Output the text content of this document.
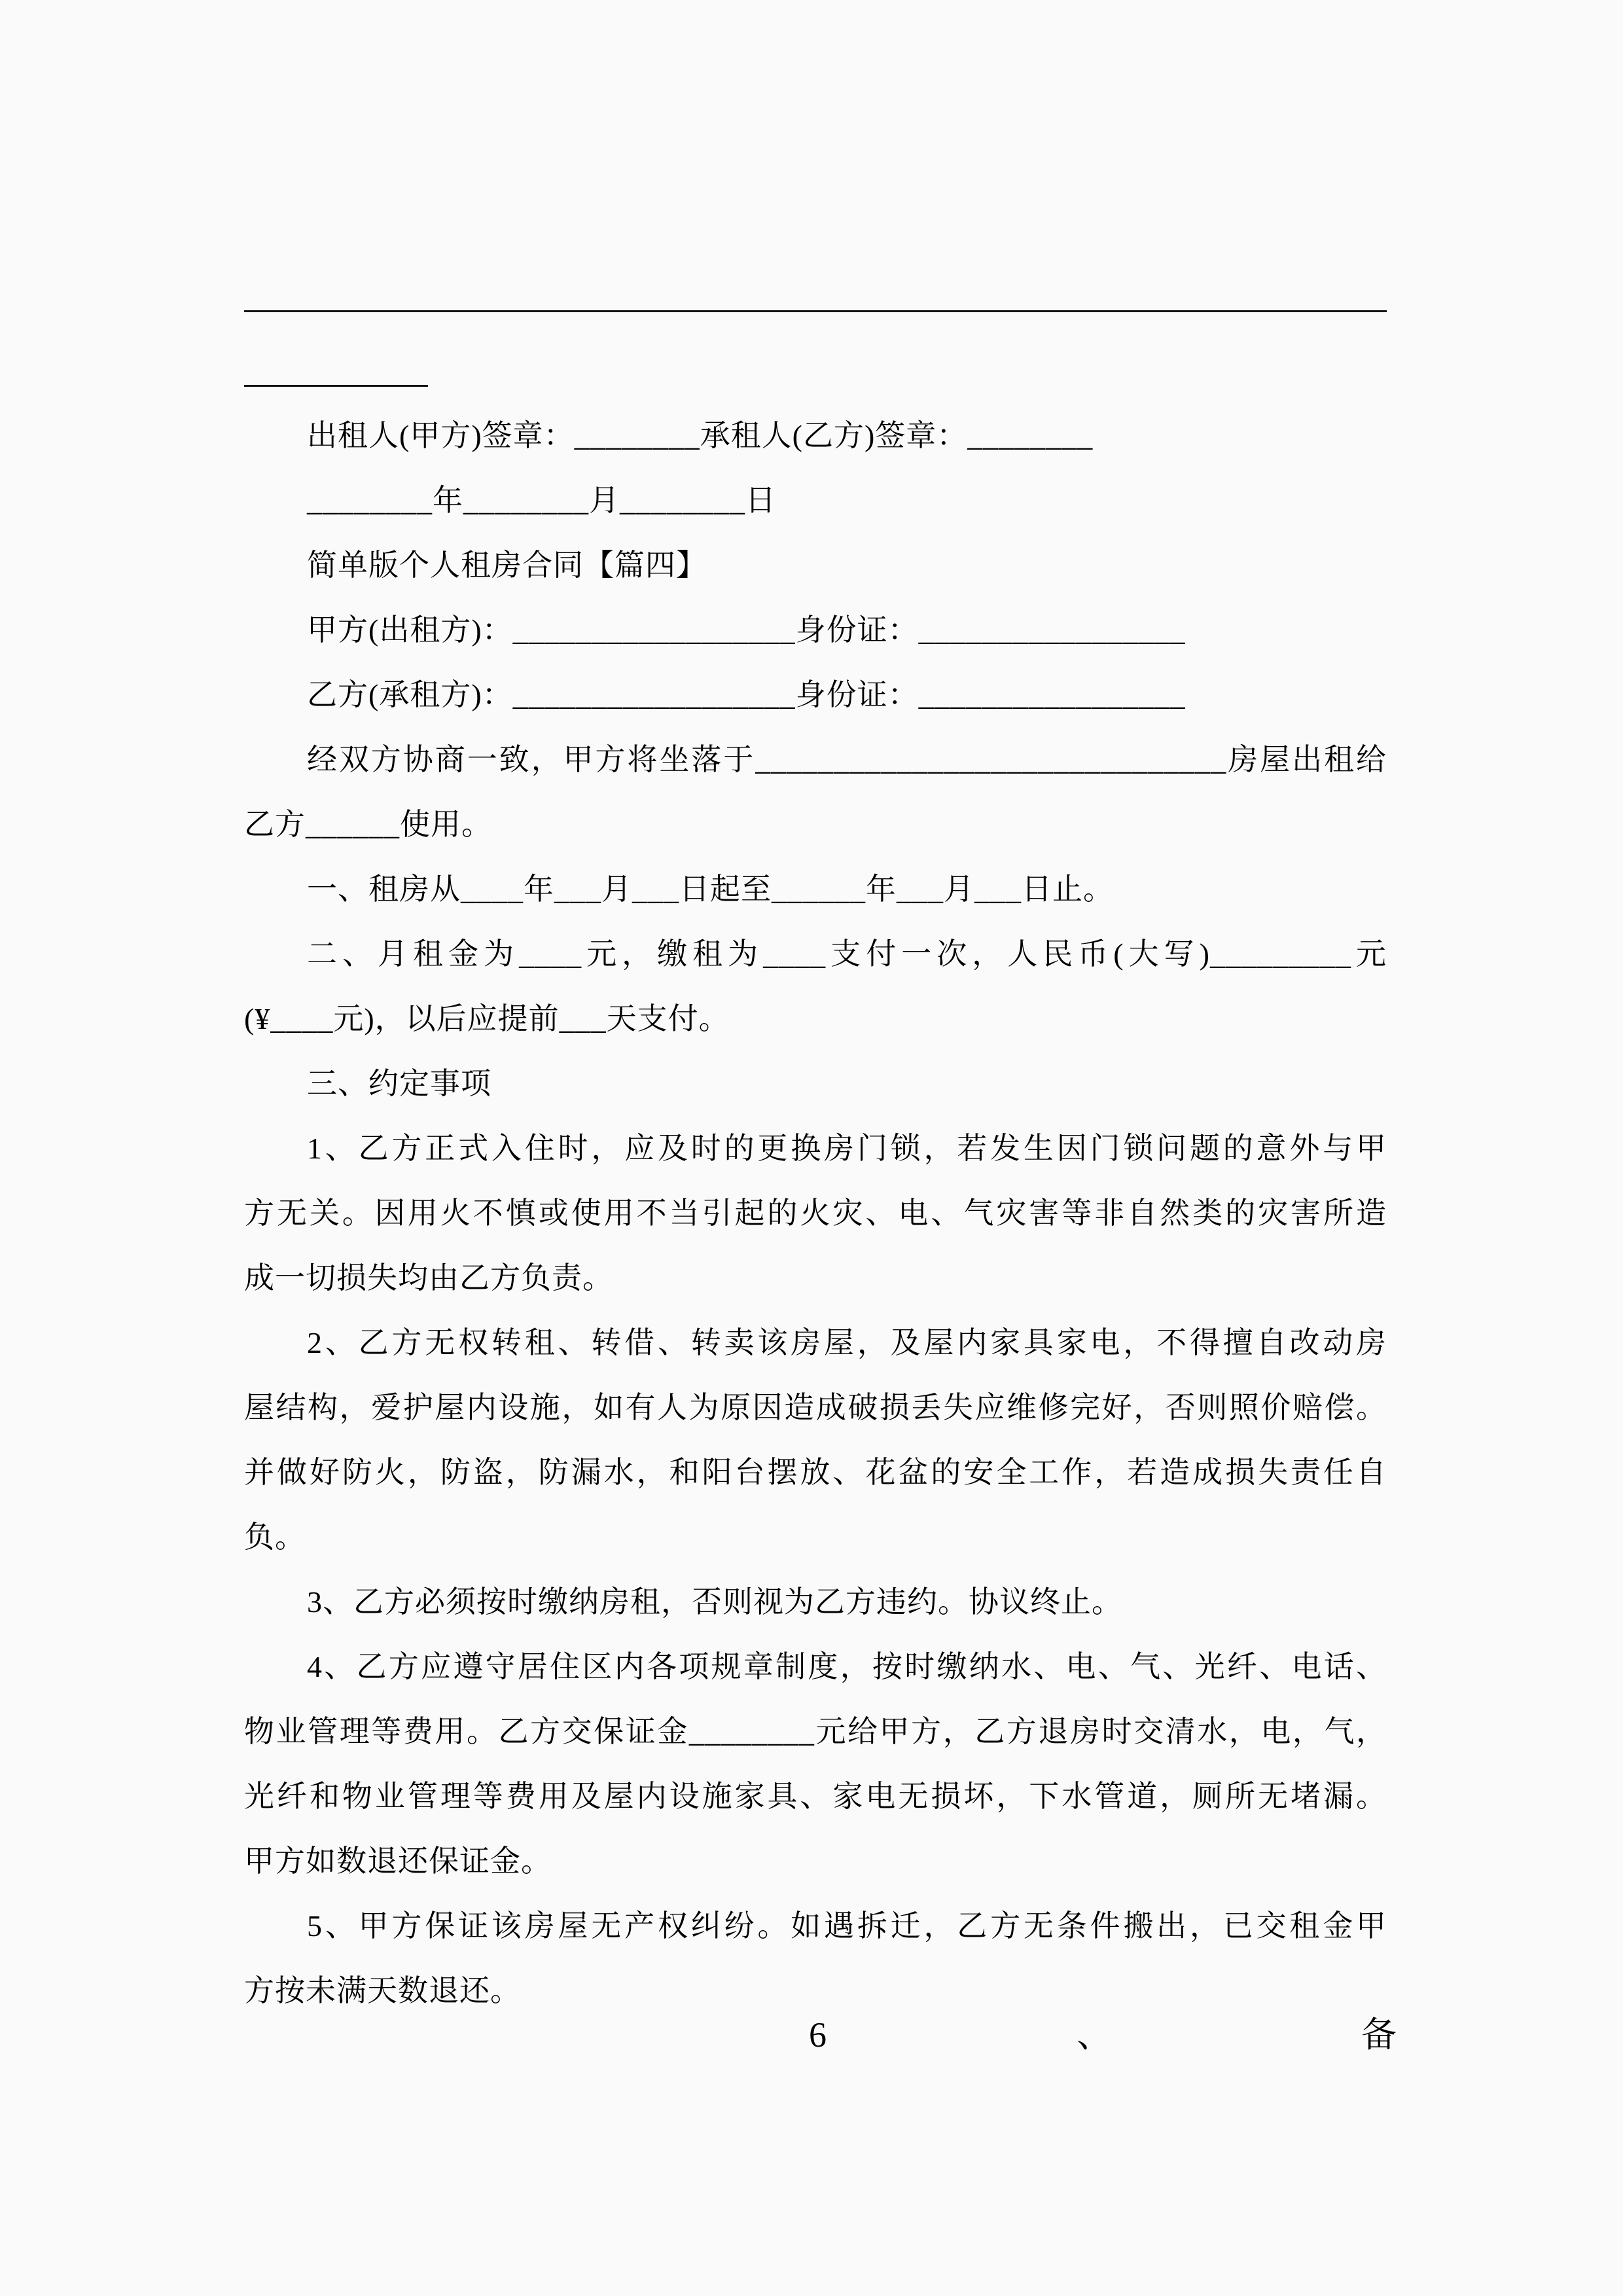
出租人(甲方)签章：________承租人(乙方)签章：________
________年________月________日
简单版个人租房合同【篇四】
甲方(出租方)：__________________身份证：_________________
乙方(承租方)：__________________身份证：_________________
经双方协商一致，甲方将坐落于______________________________房屋出租给
乙方______使用。
一、租房从____年___月___日起至______年___月___日止。
二、月租金为____元，缴租为____支付一次，人民币(大写)_________元
(¥____元)，以后应提前___天支付。
三、约定事项
1、乙方正式入住时，应及时的更换房门锁，若发生因门锁问题的意外与甲
方无关。因用火不慎或使用不当引起的火灾、电、气灾害等非自然类的灾害所造
成一切损失均由乙方负责。
2、乙方无权转租、转借、转卖该房屋，及屋内家具家电，不得擅自改动房
屋结构，爱护屋内设施，如有人为原因造成破损丢失应维修完好，否则照价赔偿。
并做好防火，防盗，防漏水，和阳台摆放、花盆的安全工作，若造成损失责任自
负。
3、乙方必须按时缴纳房租，否则视为乙方违约。协议终止。
4、乙方应遵守居住区内各项规章制度，按时缴纳水、电、气、光纤、电话、
物业管理等费用。乙方交保证金________元给甲方，乙方退房时交清水，电，气，
光纤和物业管理等费用及屋内设施家具、家电无损坏，下水管道，厕所无堵漏。
甲方如数退还保证金。
5、甲方保证该房屋无产权纠纷。如遇拆迁，乙方无条件搬出，已交租金甲
方按未满天数退还。
6	、	备
